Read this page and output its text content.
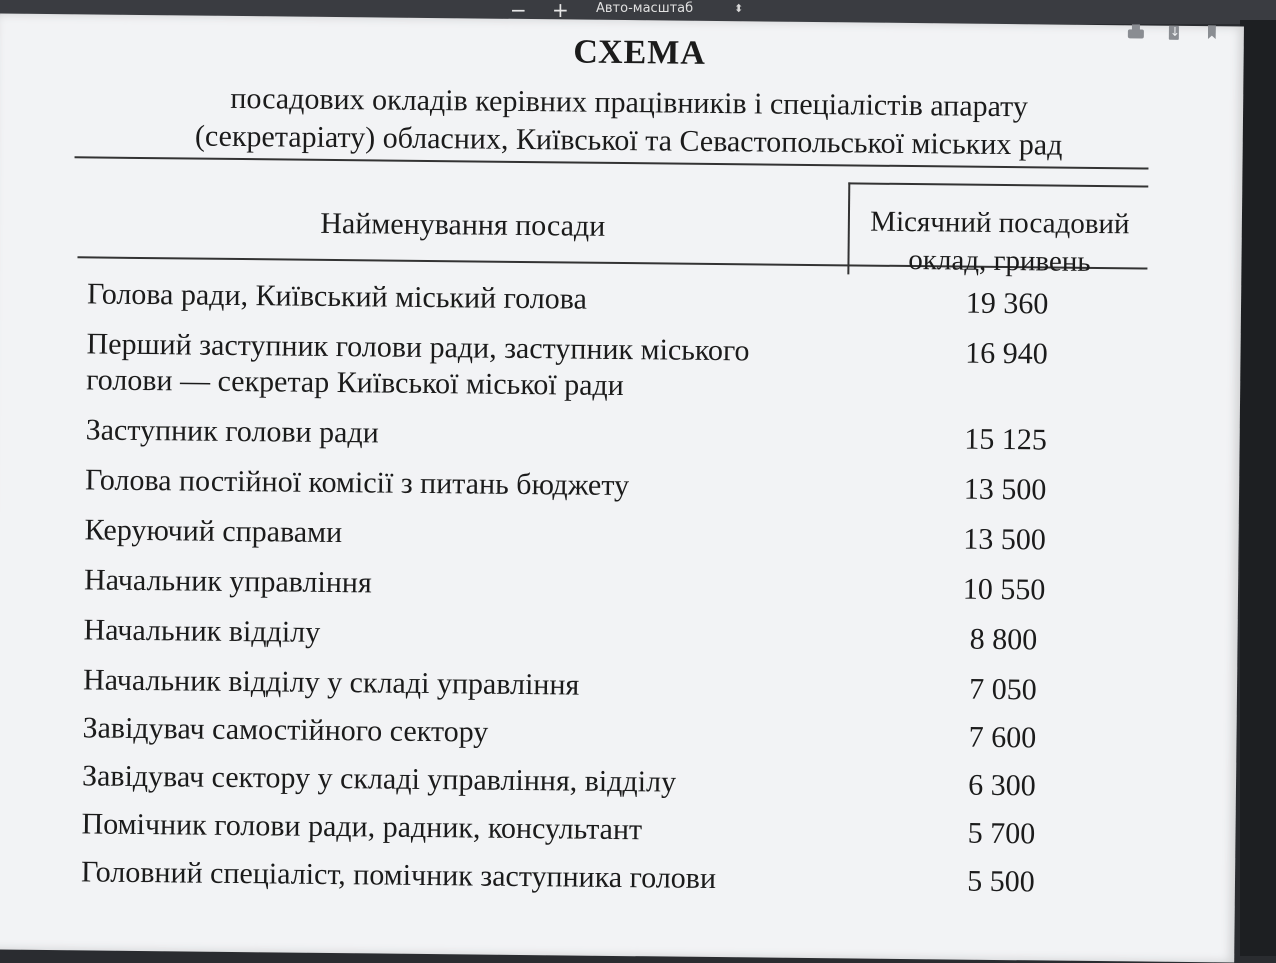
− + Авто-масштаб	⬍
↓
СХЕМА
посадових окладів керівних працівників і спеціалістів апарату
(секретаріату) обласних, Київської та Севастопольської міських рад
Найменування посади	Місячний посадовий
оклад, гривень
Голова ради, Київський міський голова	19 360
Перший заступник голови ради, заступник міського
голови — секретар Київської міської ради
16 940
Заступник голови ради	15 125
Голова постійної комісії з питань бюджету	13 500
Керуючий справами	13 500
Начальник управління	10 550
Начальник відділу	8 800
Начальник відділу у складі управління	7 050
Завідувач самостійного сектору	7 600
Завідувач сектору у складі управління, відділу	6 300
Помічник голови ради, радник, консультант	5 700
Головний спеціаліст, помічник заступника голови	5 500
